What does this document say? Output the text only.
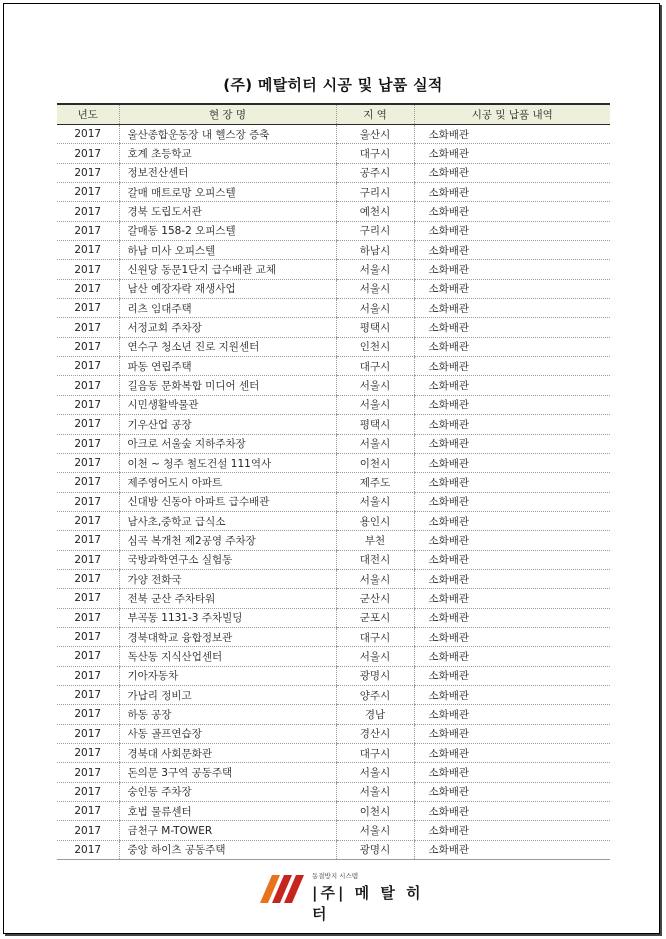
(주) 메탈히터 시공 및 납품 실적
년도	현 장 명	지 역	시공 및 납품 내역
2017	울산종합운동장 내 헬스장 증축	울산시	소화배관
2017	호계 초등학교	대구시	소화배관
2017	정보전산센터	공주시	소화배관
2017	갈매 매트로망 오피스텔	구리시	소화배관
2017	경북 도립도서관	예천시	소화배관
2017	갈매동 158-2 오피스텔	구리시	소화배관
2017	하남 미사 오피스텔	하남시	소화배관
2017	신원당 동문1단지 급수배관 교체	서울시	소화배관
2017	남산 예장자락 재생사업	서울시	소화배관
2017	리츠 임대주택	서울시	소화배관
2017	서정교회 주차장	평택시	소화배관
2017	연수구 청소년 진로 지원센터	인천시	소화배관
2017	파동 연립주택	대구시	소화배관
2017	길음동 문화복합 미디어 센터	서울시	소화배관
2017	시민생활박물관	서울시	소화배관
2017	기우산업 공장	평택시	소화배관
2017	아크로 서울숲 지하주차장	서울시	소화배관
2017	이천 ~ 청주 철도건설 111역사	이천시	소화배관
2017	제주영어도시 아파트	제주도	소화배관
2017	신대방 신동아 아파트 급수배관	서울시	소화배관
2017	남사초,중학교 급식소	용인시	소화배관
2017	심곡 복개천 제2공영 주차장	부천	소화배관
2017	국방과학연구소 실험동	대전시	소화배관
2017	가양 전화국	서울시	소화배관
2017	전북 군산 주차타워	군산시	소화배관
2017	부곡동 1131-3 주차빌딩	군포시	소화배관
2017	경북대학교 융합정보관	대구시	소화배관
2017	독산동 지식산업센터	서울시	소화배관
2017	기아자동차	광명시	소화배관
2017	가납리 정비고	양주시	소화배관
2017	하동 공장	경남	소화배관
2017	사동 골프연습장	경산시	소화배관
2017	경북대 사회문화관	대구시	소화배관
2017	돈의문 3구역 공동주택	서울시	소화배관
2017	숭인동 주차장	서울시	소화배관
2017	호법 물류센터	이천시	소화배관
2017	금천구 M-TOWER	서울시	소화배관
2017	중앙 하이츠 공동주택	광명시	소화배관
동결방지 시스템
|주| 메 탈 히 터
